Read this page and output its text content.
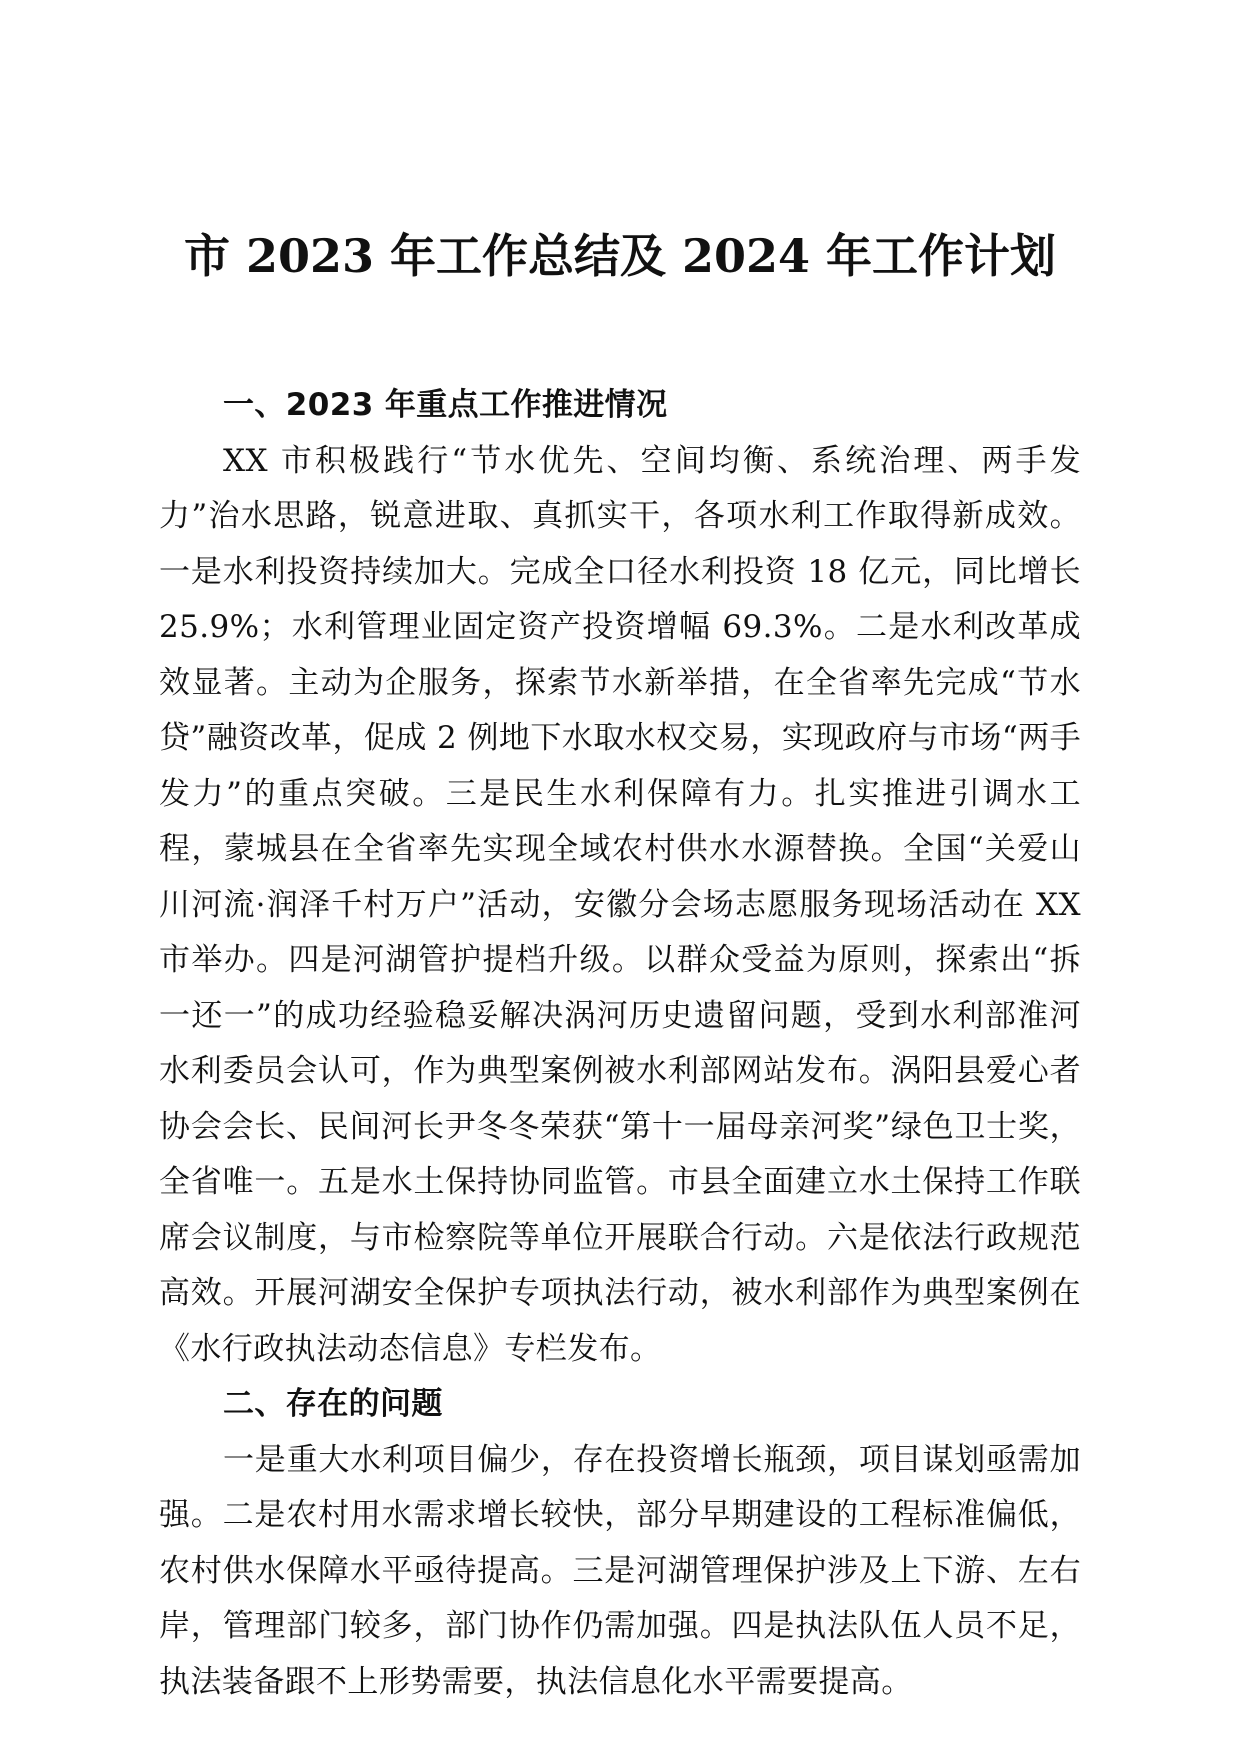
市 2023 年工作总结及 2024 年工作计划
一、2023 年重点工作推进情况

XX 市积极践行“节水优先、空间均衡、系统治理、两手发力”治水思路，锐意进取、真抓实干，各项水利工作取得新成效。一是水利投资持续加大。完成全口径水利投资 18 亿元，同比增长 25.9%；水利管理业固定资产投资增幅 69.3%。二是水利改革成效显著。主动为企服务，探索节水新举措，在全省率先完成“节水贷”融资改革，促成 2 例地下水取水权交易，实现政府与市场“两手发力”的重点突破。三是民生水利保障有力。扎实推进引调水工程，蒙城县在全省率先实现全域农村供水水源替换。全国“关爱山川河流·润泽千村万户”活动，安徽分会场志愿服务现场活动在 XX 市举办。四是河湖管护提档升级。以群众受益为原则，探索出“拆一还一”的成功经验稳妥解决涡河历史遗留问题，受到水利部淮河水利委员会认可，作为典型案例被水利部网站发布。涡阳县爱心者协会会长、民间河长尹冬冬荣获“第十一届母亲河奖”绿色卫士奖，全省唯一。五是水土保持协同监管。市县全面建立水土保持工作联席会议制度，与市检察院等单位开展联合行动。六是依法行政规范高效。开展河湖安全保护专项执法行动，被水利部作为典型案例在《水行政执法动态信息》专栏发布。

二、存在的问题

一是重大水利项目偏少，存在投资增长瓶颈，项目谋划亟需加强。二是农村用水需求增长较快，部分早期建设的工程标准偏低，农村供水保障水平亟待提高。三是河湖管理保护涉及上下游、左右岸，管理部门较多，部门协作仍需加强。四是执法队伍人员不足，执法装备跟不上形势需要，执法信息化水平需要提高。
